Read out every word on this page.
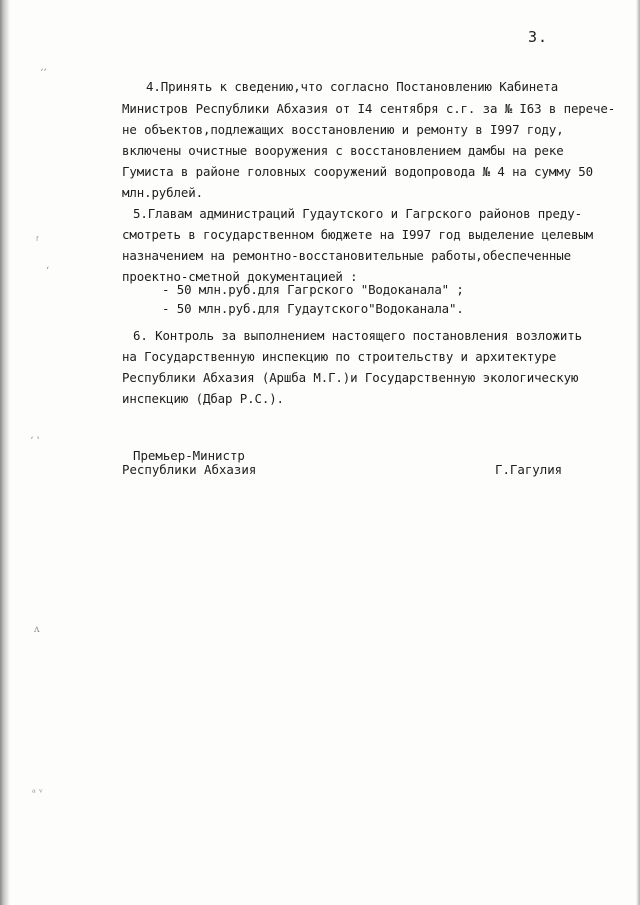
3.
ʼʼ
ᶠ
ʻ
ʼ ʽ
ʌ
ᵃ ᵛ
4.Принять к сведению,что согласно Постановлению Кабинета
Министров Республики Абхазия от I4 сентября с.г. за № I63 в перече-
не объектов,подлежащих восстановлению и ремонту в I997 году,
включены очистные вооружения с восстановлением дамбы на реке
Гумиста в районе головных сооружений водопровода № 4 на сумму 50
млн.рублей.
5.Главам администраций Гудаутского и Гагрского районов преду-
смотреть в государственном бюджете на I997 год выделение целевым
назначением на ремонтно-восстановительные работы,обеспеченные
проектно-сметной документацией :
- 50 млн.руб.для Гагрского "Водоканала" ;
- 50 млн.руб.для Гудаутского"Водоканала".
6. Контроль за выполнением настоящего постановления возложить
на Государственную инспекцию по строительству и архитектуре
Республики Абхазия (Аршба М.Г.)и Государственную экологическую
инспекцию (Дбар Р.С.).
Премьер-Министр
Республики Абхазия	Г.Гагулия
